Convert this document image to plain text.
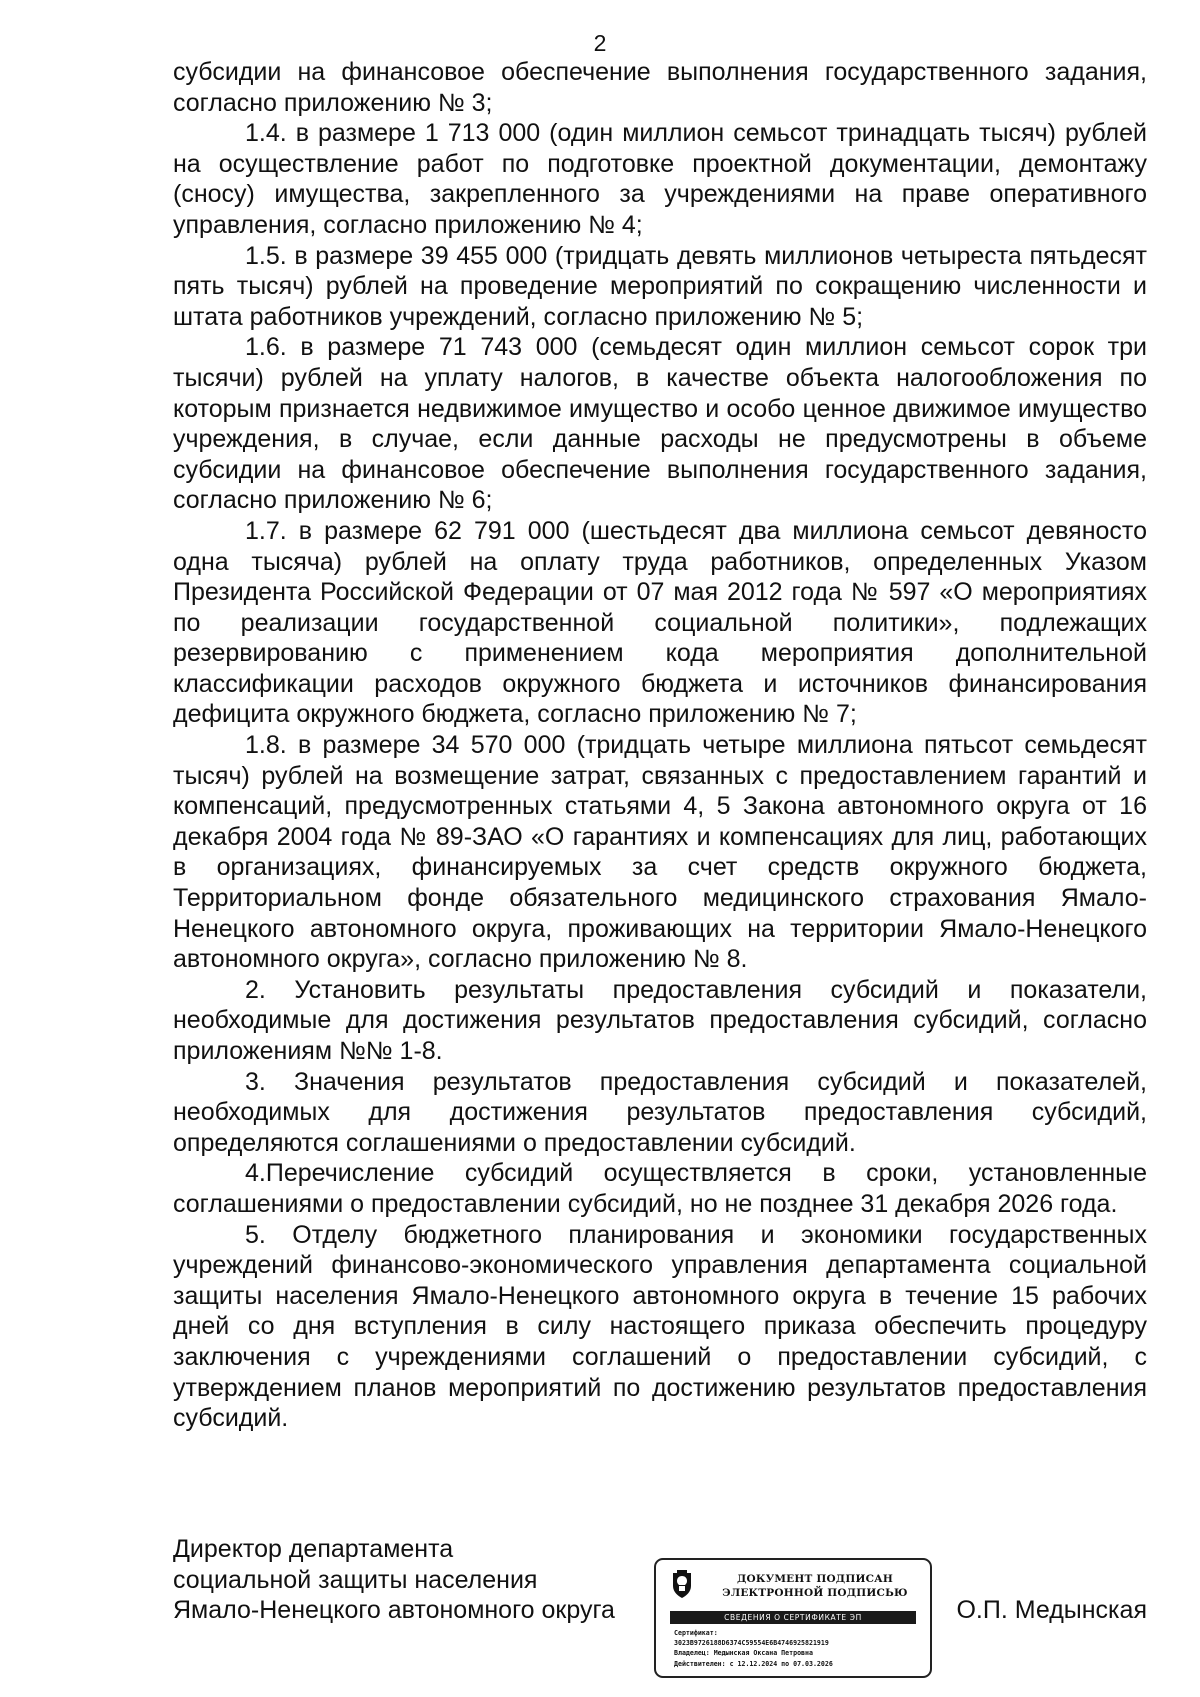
2

субсидии на финансовое обеспечение выполнения государственного задания, согласно приложению № 3;

1.4. в размере 1 713 000 (один миллион семьсот тринадцать тысяч) рублей на осуществление работ по подготовке проектной документации, демонтажу (сносу) имущества, закрепленного за учреждениями на праве оперативного управления, согласно приложению № 4;

1.5. в размере 39 455 000 (тридцать девять миллионов четыреста пятьдесят пять тысяч) рублей на проведение мероприятий по сокращению численности и штата работников учреждений, согласно приложению № 5;

1.6. в размере 71 743 000 (семьдесят один миллион семьсот сорок три тысячи) рублей на уплату налогов, в качестве объекта налогообложения по которым признается недвижимое имущество и особо ценное движимое имущество учреждения, в случае, если данные расходы не предусмотрены в объеме субсидии на финансовое обеспечение выполнения государственного задания, согласно приложению № 6;

1.7. в размере 62 791 000 (шестьдесят два миллиона семьсот девяносто одна тысяча) рублей на оплату труда работников, определенных Указом Президента Российской Федерации от 07 мая 2012 года № 597 «О мероприятиях по реализации государственной социальной политики», подлежащих резервированию с применением кода мероприятия дополнительной классификации расходов окружного бюджета и источников финансирования дефицита окружного бюджета, согласно приложению № 7;

1.8. в размере 34 570 000 (тридцать четыре миллиона пятьсот семьдесят тысяч) рублей на возмещение затрат, связанных с предоставлением гарантий и компенсаций, предусмотренных статьями 4, 5 Закона автономного округа от 16 декабря 2004 года № 89-ЗАО «О гарантиях и компенсациях для лиц, работающих в организациях, финансируемых за счет средств окружного бюджета, Территориальном фонде обязательного медицинского страхования Ямало-Ненецкого автономного округа, проживающих на территории Ямало-Ненецкого автономного округа», согласно приложению № 8.

2. Установить результаты предоставления субсидий и показатели, необходимые для достижения результатов предоставления субсидий, согласно приложениям №№ 1-8.

3. Значения результатов предоставления субсидий и показателей, необходимых для достижения результатов предоставления субсидий, определяются соглашениями о предоставлении субсидий.

4.Перечисление субсидий осуществляется в сроки, установленные соглашениями о предоставлении субсидий, но не позднее 31 декабря 2026 года.

5. Отделу бюджетного планирования и экономики государственных учреждений финансово-экономического управления департамента социальной защиты населения Ямало-Ненецкого автономного округа в течение 15 рабочих дней со дня вступления в силу настоящего приказа обеспечить процедуру заключения с учреждениями соглашений о предоставлении субсидий, с утверждением планов мероприятий по достижению результатов предоставления субсидий.

Директор департамента
социальной защиты населения
Ямало-Ненецкого автономного округа
ДОКУМЕНТ ПОДПИСАН
ЭЛЕКТРОННОЙ ПОДПИСЬЮ
СВЕДЕНИЯ О СЕРТИФИКАТЕ ЭП
Сертификат:
3023B9726188D6374C59554E6B4746925821919
Владелец: Медынская Оксана Петровна
Действителен: с 12.12.2024 по 07.03.2026
О.П. Медынская
